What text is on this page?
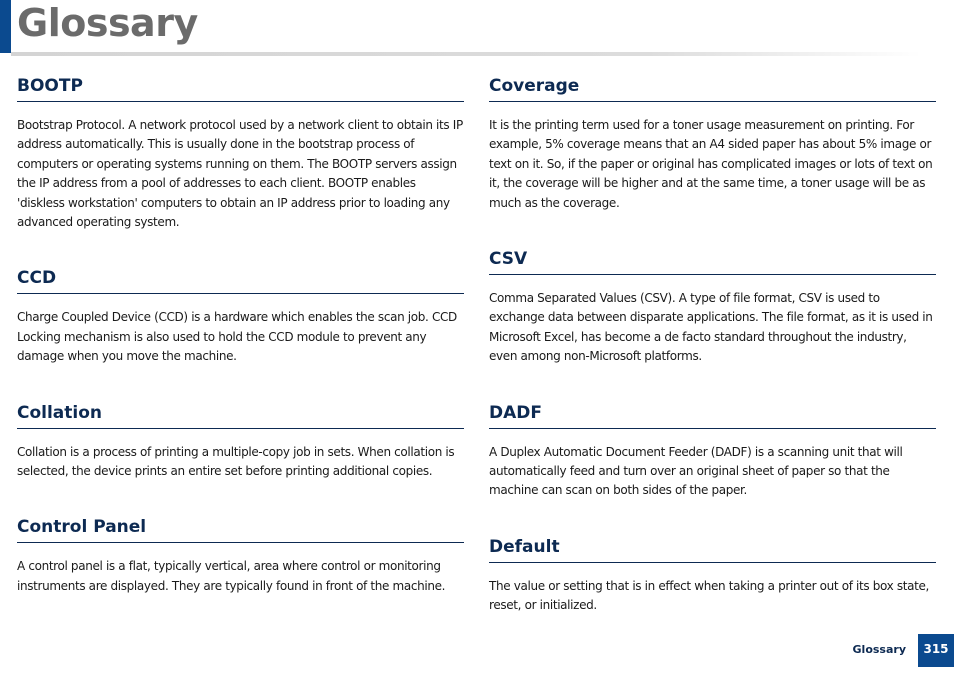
Glossary
BOOTP

Bootstrap Protocol. A network protocol used by a network client to obtain its IP address automatically. This is usually done in the bootstrap process of computers or operating systems running on them. The BOOTP servers assign the IP address from a pool of addresses to each client. BOOTP enables 'diskless workstation' computers to obtain an IP address prior to loading any advanced operating system.

CCD

Charge Coupled Device (CCD) is a hardware which enables the scan job. CCD Locking mechanism is also used to hold the CCD module to prevent any damage when you move the machine.

Collation

Collation is a process of printing a multiple-copy job in sets. When collation is selected, the device prints an entire set before printing additional copies.

Control Panel

A control panel is a flat, typically vertical, area where control or monitoring instruments are displayed. They are typically found in front of the machine.

Coverage

It is the printing term used for a toner usage measurement on printing. For example, 5% coverage means that an A4 sided paper has about 5% image or text on it. So, if the paper or original has complicated images or lots of text on it, the coverage will be higher and at the same time, a toner usage will be as much as the coverage.

CSV

Comma Separated Values (CSV). A type of file format, CSV is used to exchange data between disparate applications. The file format, as it is used in Microsoft Excel, has become a de facto standard throughout the industry, even among non-Microsoft platforms.

DADF

A Duplex Automatic Document Feeder (DADF) is a scanning unit that will automatically feed and turn over an original sheet of paper so that the machine can scan on both sides of the paper.

Default

The value or setting that is in effect when taking a printer out of its box state, reset, or initialized.

Glossary	315
